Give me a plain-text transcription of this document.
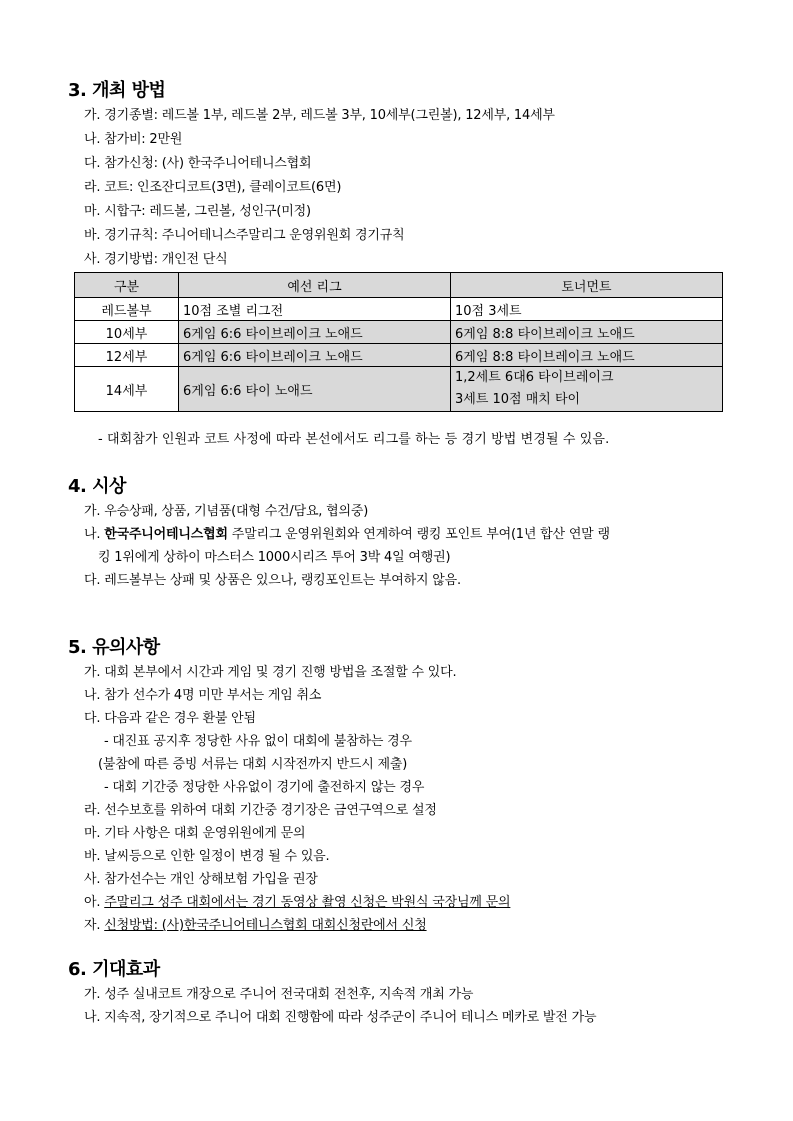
3. 개최 방법
가. 경기종별: 레드볼 1부, 레드볼 2부, 레드볼 3부, 10세부(그린볼), 12세부, 14세부
나. 참가비: 2만원
다. 참가신청: (사) 한국주니어테니스협회
라. 코트: 인조잔디코트(3면), 클레이코트(6면)
마. 시합구: 레드볼, 그린볼, 성인구(미정)
바. 경기규칙: 주니어테니스주말리그 운영위원회 경기규칙
사. 경기방법: 개인전 단식
구분	예선 리그	토너먼트
레드볼부	10점 조별 리그전	10점 3세트
10세부	6게임 6:6 타이브레이크 노애드	6게임 8:8 타이브레이크 노애드
12세부	6게임 6:6 타이브레이크 노애드	6게임 8:8 타이브레이크 노애드
14세부	6게임 6:6 타이 노애드	1,2세트 6대6 타이브레이크
3세트 10점 매치 타이
- 대회참가 인원과 코트 사정에 따라 본선에서도 리그를 하는 등 경기 방법 변경될 수 있음.
4. 시상
가. 우승상패, 상품, 기념품(대형 수건/담요, 협의중)
나. 한국주니어테니스협회 주말리그 운영위원회와 연계하여 랭킹 포인트 부여(1년 합산 연말 랭
킹 1위에게 상하이 마스터스 1000시리즈 투어 3박 4일 여행권)
다. 레드볼부는 상패 및 상품은 있으나, 랭킹포인트는 부여하지 않음.
5. 유의사항
가. 대회 본부에서 시간과 게임 및 경기 진행 방법을 조절할 수 있다.
나. 참가 선수가 4명 미만 부서는 게임 취소
다. 다음과 같은 경우 환불 안됨
- 대진표 공지후 정당한 사유 없이 대회에 불참하는 경우
(불참에 따른 증빙 서류는 대회 시작전까지 반드시 제출)
- 대회 기간중 정당한 사유없이 경기에 출전하지 않는 경우
라. 선수보호를 위하여 대회 기간중 경기장은 금연구역으로 설정
마. 기타 사항은 대회 운영위원에게 문의
바. 날씨등으로 인한 일정이 변경 될 수 있음.
사. 참가선수는 개인 상해보험 가입을 권장
아. 주말리그 성주 대회에서는 경기 동영상 촬영 신청은 박원식 국장님께 문의
자. 신청방법: (사)한국주니어테니스협회 대회신청란에서 신청
6. 기대효과
가. 성주 실내코트 개장으로 주니어 전국대회 전천후, 지속적 개최 가능
나. 지속적, 장기적으로 주니어 대회 진행함에 따라 성주군이 주니어 테니스 메카로 발전 가능
